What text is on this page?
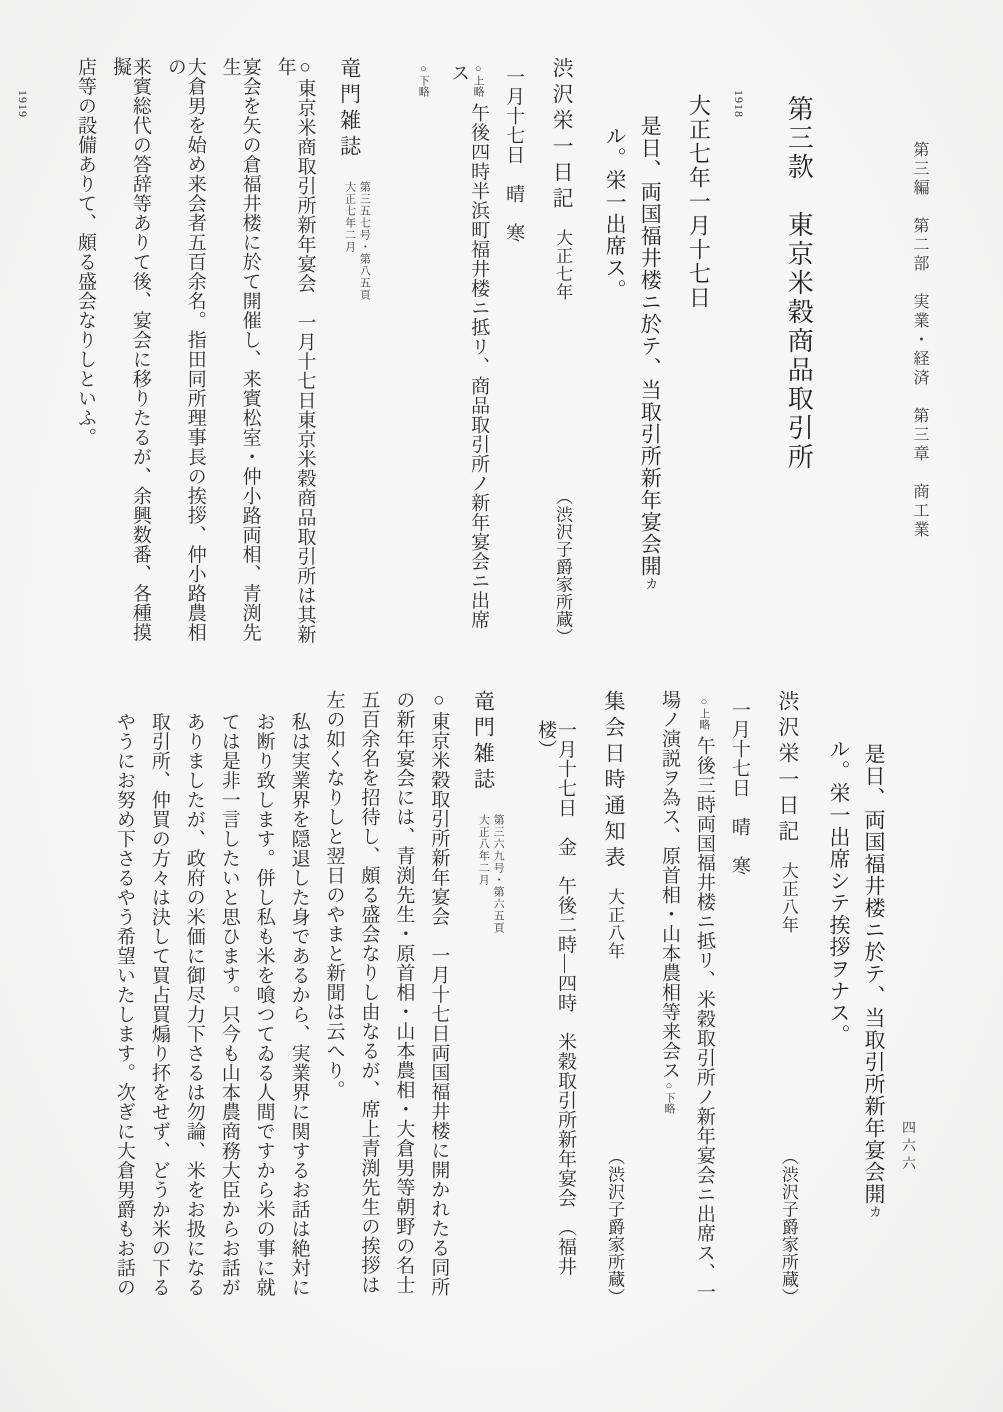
第三編　第二部　実業・経済　第三章　商工業

第三款　東京米穀商品取引所

1918

大正七年一月十七日

是日、両国福井楼ニ於テ、当取引所新年宴会開カ

ル。栄一出席ス。

渋沢栄一日記大正七年
（渋沢子爵家所蔵）

一月十七日　晴　寒

○上略午後四時半浜町福井楼ニ抵リ、商品取引所ノ新年宴会ニ出席ス

○下略

竜門雑誌
第三五七号・第八五頁
大正七年二月

○東京米商取引所新年宴会　一月十七日東京米穀商品取引所は其新年

宴会を矢の倉福井楼に於て開催し、来賓松室・仲小路両相、青渕先生

大倉男を始め来会者五百余名。指田同所理事長の挨拶、仲小路農相の

来賓総代の答辞等ありて後、宴会に移りたるが、余興数番、各種摸擬

店等の設備ありて、頗る盛会なりしといふ。

1919

是日、両国福井楼ニ於テ、当取引所新年宴会開カ

ル。栄一出席シテ挨拶ヲナス。

渋沢栄一日記大正八年
（渋沢子爵家所蔵）

一月十七日　晴　寒

○上略午後三時両国福井楼ニ抵リ、米穀取引所ノ新年宴会ニ出席ス、一

場ノ演説ヲ為ス、原首相・山本農相等来会ス○下略

集会日時通知表大正八年
（渋沢子爵家所蔵）

一月十七日　金　午後二時―四時　米穀取引所新年宴会　（福井楼）

竜門雑誌
第三六九号・第六五頁
大正八年二月

○東京米穀取引所新年宴会　一月十七日両国福井楼に開かれたる同所

の新年宴会には、青渕先生・原首相・山本農相・大倉男等朝野の名士

五百余名を招待し、頗る盛会なりし由なるが、席上青渕先生の挨拶は

左の如くなりしと翌日のやまと新聞は云へり。

私は実業界を隠退した身であるから、実業界に関するお話は絶対に

お断り致します。併し私も米を喰つてゐる人間ですから米の事に就

ては是非一言したいと思ひます。只今も山本農商務大臣からお話が

ありましたが、政府の米価に御尽力下さるは勿論、米をお扱になる

取引所、仲買の方々は決して買占買煽り抔をせず、どうか米の下る

やうにお努め下さるやう希望いたします。次ぎに大倉男爵もお話の	四六六
